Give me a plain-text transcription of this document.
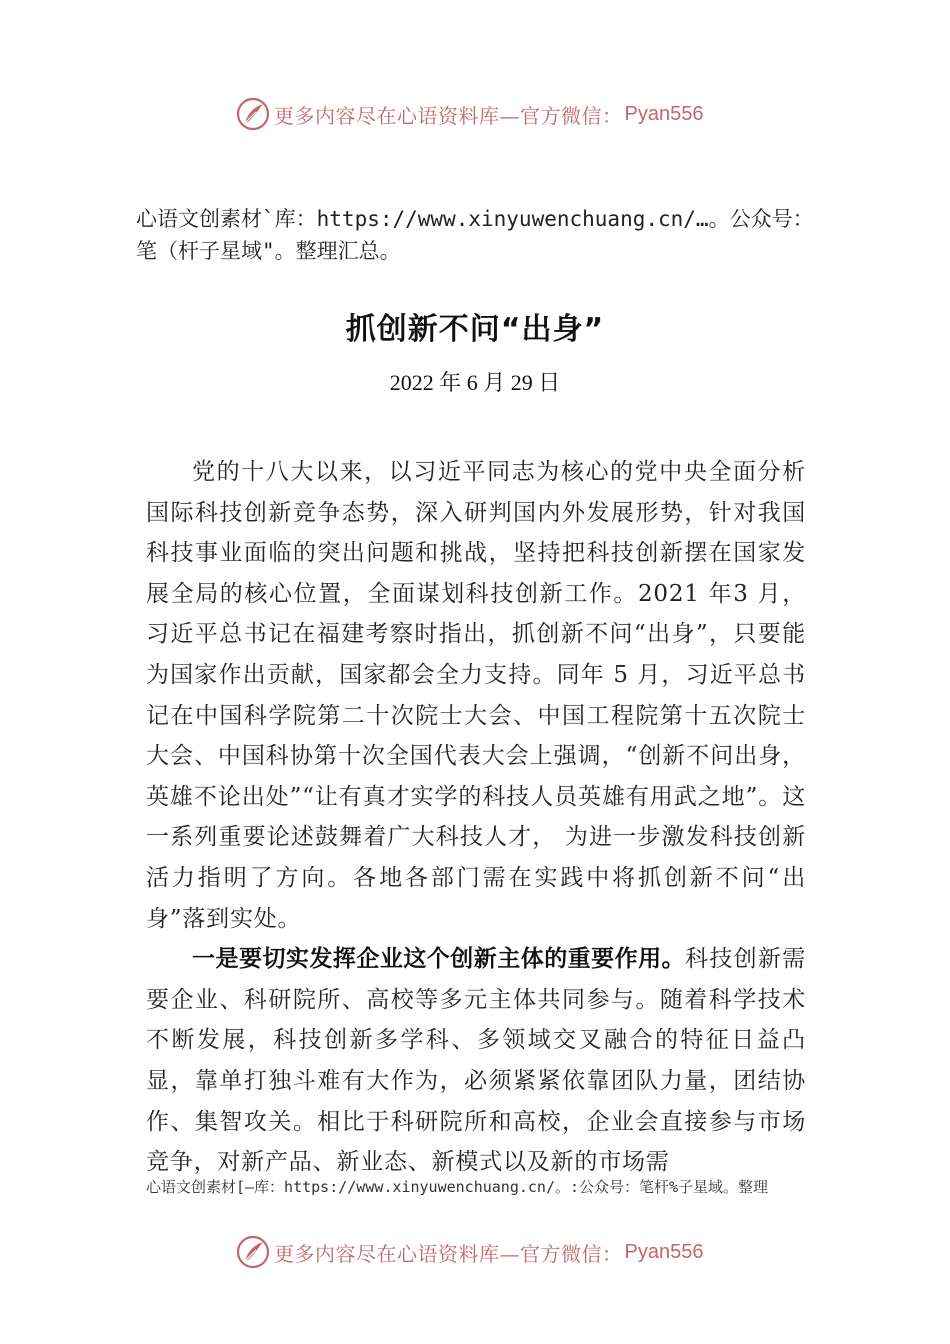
更多内容尽在心语资料库—官方微信： Pyan556
心语文创素材`库：https://www.xinyuwenchuang.cn/…。公众号：笔（杆子星域"。整理汇总。
抓创新不问“出身”
2022 年 6 月 29 日

党的十八大以来，以习近平同志为核心的党中央全面分析国际科技创新竞争态势，深入研判国内外发展形势，针对我国科技事业面临的突出问题和挑战，坚持把科技创新摆在国家发展全局的核心位置，全面谋划科技创新工作。2021 年3 月，习近平总书记在福建考察时指出，抓创新不问“出身”，只要能为国家作出贡献，国家都会全力支持。同年 5 月，习近平总书记在中国科学院第二十次院士大会、中国工程院第十五次院士大会、中国科协第十次全国代表大会上强调，“创新不问出身，英雄不论出处”“让有真才实学的科技人员英雄有用武之地”。这一系列重要论述鼓舞着广大科技人才， 为进一步激发科技创新活力指明了方向。各地各部门需在实践中将抓创新不问“出身”落到实处。

一是要切实发挥企业这个创新主体的重要作用。科技创新需要企业、科研院所、高校等多元主体共同参与。随着科学技术不断发展，科技创新多学科、多领域交叉融合的特征日益凸显，靠单打独斗难有大作为，必须紧紧依靠团队力量，团结协作、集智攻关。相比于科研院所和高校，企业会直接参与市场竞争，对新产品、新业态、新模式以及新的市场需

心语文创素材[—库：https://www.xinyuwenchuang.cn/。:公众号：笔杆%子星域。整理
更多内容尽在心语资料库—官方微信： Pyan556
